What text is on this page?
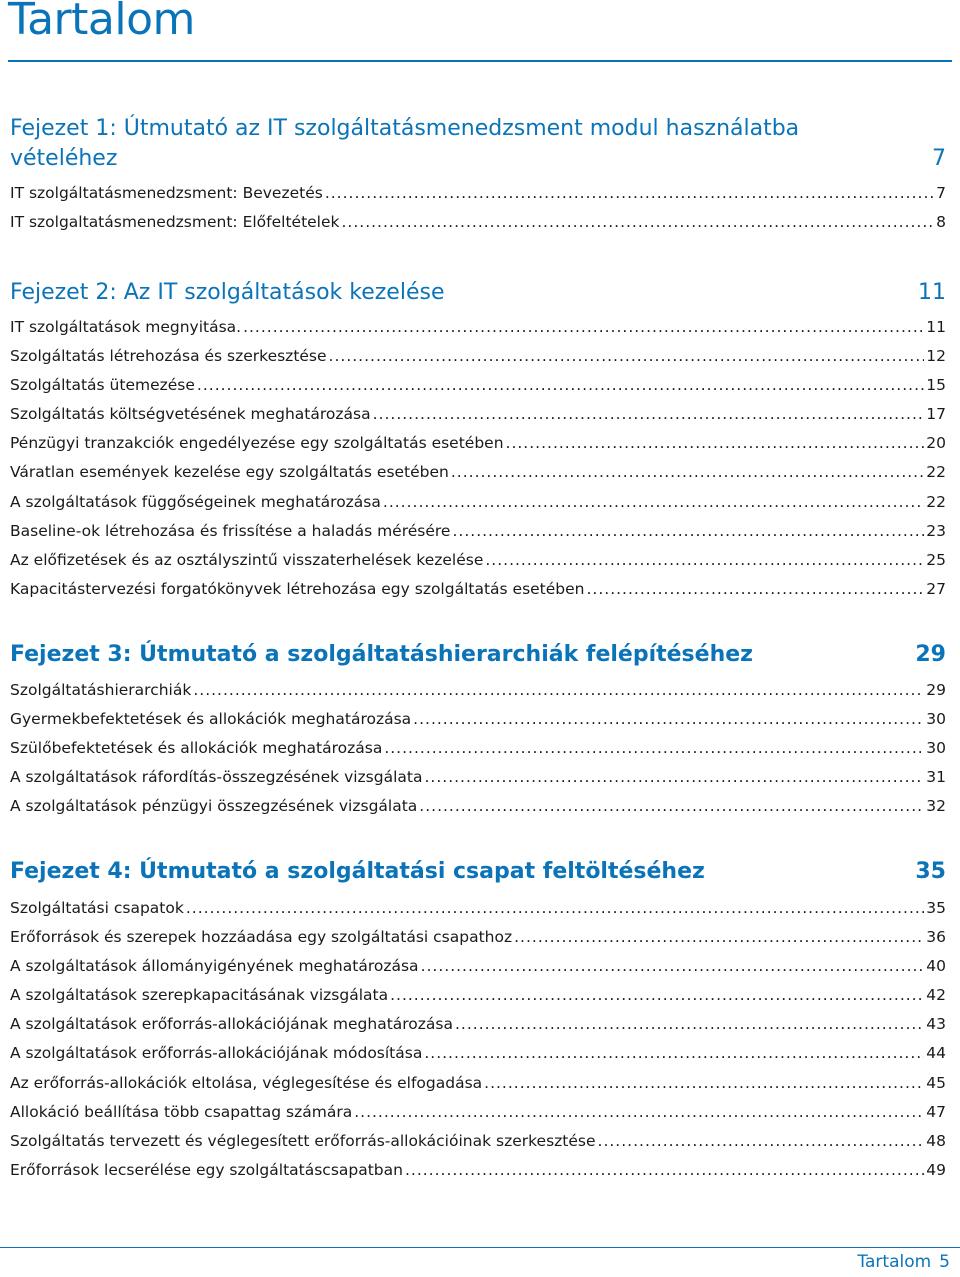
Tartalom
Fejezet 1: Útmutató az IT szolgáltatásmenedzsment modul használatba vételéhez	7
IT szolgáltatásmenedzsment: Bevezetés .....	7
IT szolgaltatásmenedzsment: Előfeltételek .....	8
Fejezet 2: Az IT szolgáltatások kezelése	11
IT szolgáltatások megnyitása. .....	11
Szolgáltatás létrehozása és szerkesztése .....	12
Szolgáltatás ütemezése .....	15
Szolgáltatás költségvetésének meghatározása .....	17
Pénzügyi tranzakciók engedélyezése egy szolgáltatás esetében .....	20
Váratlan események kezelése egy szolgáltatás esetében .....	22
A szolgáltatások függőségeinek meghatározása .....	22
Baseline-ok létrehozása és frissítése a haladás mérésére .....	23
Az előfizetések és az osztályszintű visszaterhelések kezelése .....	25
Kapacitástervezési forgatókönyvek létrehozása egy szolgáltatás esetében .....	27
Fejezet 3: Útmutató a szolgáltatáshierarchiák felépítéséhez	29
Szolgáltatáshierarchiák .....	29
Gyermekbefektetések és allokációk meghatározása .....	30
Szülőbefektetések és allokációk meghatározása .....	30
A szolgáltatások ráfordítás-összegzésének vizsgálata .....	31
A szolgáltatások pénzügyi összegzésének vizsgálata .....	32
Fejezet 4: Útmutató a szolgáltatási csapat feltöltéséhez	35
Szolgáltatási csapatok .....	35
Erőforrások és szerepek hozzáadása egy szolgáltatási csapathoz .....	36
A szolgáltatások állományigényének meghatározása .....	40
A szolgáltatások szerepkapacitásának vizsgálata .....	42
A szolgáltatások erőforrás-allokációjának meghatározása .....	43
A szolgáltatások erőforrás-allokációjának módosítása .....	44
Az erőforrás-allokációk eltolása, véglegesítése és elfogadása .....	45
Allokáció beállítása több csapattag számára .....	47
Szolgáltatás tervezett és véglegesített erőforrás-allokációinak szerkesztése .....	48
Erőforrások lecserélése egy szolgáltatáscsapatban .....	49
Tartalom 5
